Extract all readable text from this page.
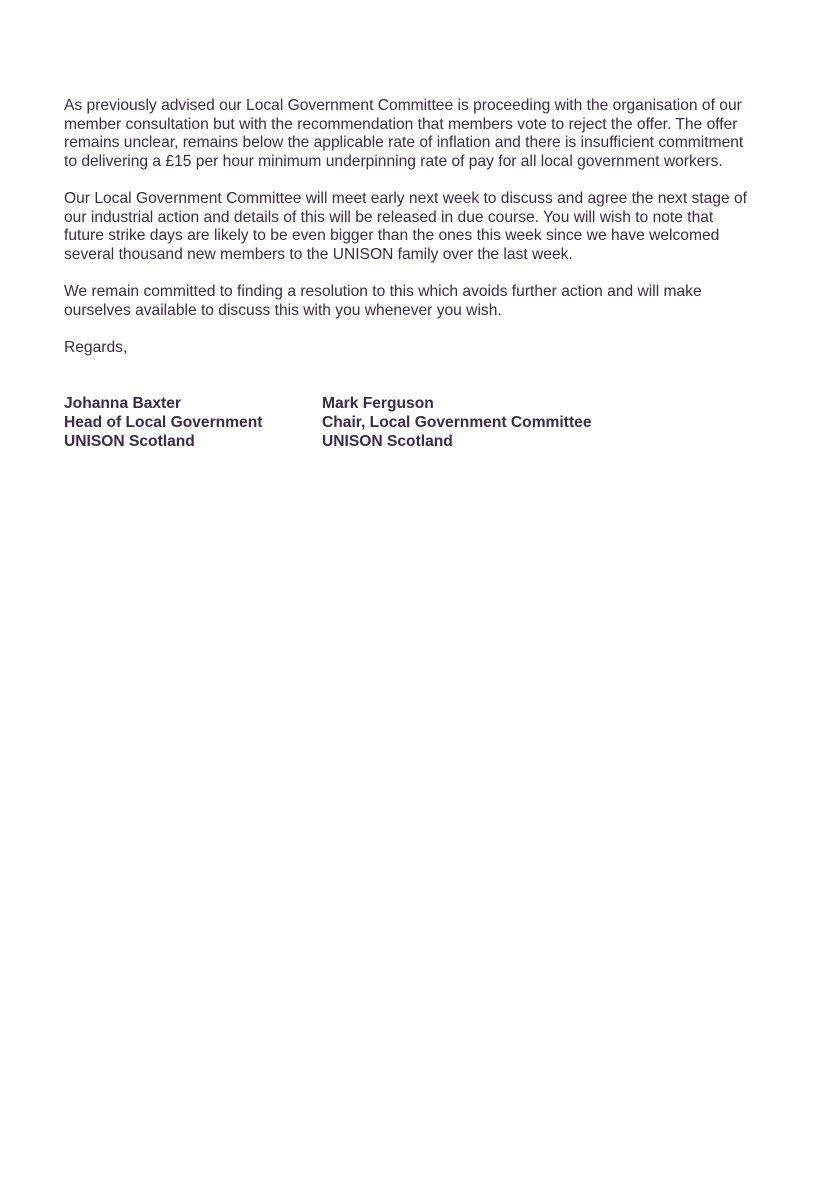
As previously advised our Local Government Committee is proceeding with the organisation of our
member consultation but with the recommendation that members vote to reject the offer. The offer
remains unclear, remains below the applicable rate of inflation and there is insufficient commitment
to delivering a £15 per hour minimum underpinning rate of pay for all local government workers.

Our Local Government Committee will meet early next week to discuss and agree the next stage of
our industrial action and details of this will be released in due course. You will wish to note that
future strike days are likely to be even bigger than the ones this week since we have welcomed
several thousand new members to the UNISON family over the last week.

We remain committed to finding a resolution to this which avoids further action and will make
ourselves available to discuss this with you whenever you wish.

Regards,

Johanna Baxter
Head of Local Government
UNISON Scotland
Mark Ferguson
Chair, Local Government Committee
UNISON Scotland
